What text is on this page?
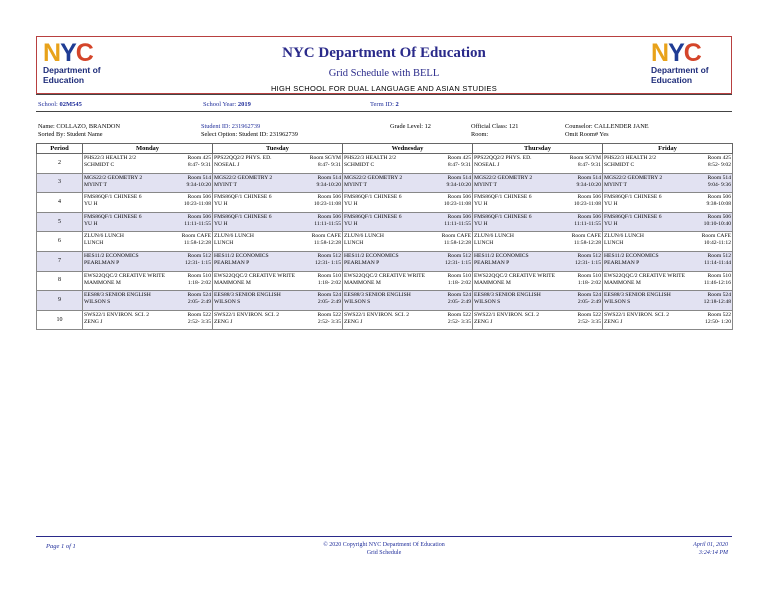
N Y C
Department of
Education
NYC Department Of Education
Grid Schedule with BELL
N Y C
Department of
Education
HIGH SCHOOL FOR DUAL LANGUAGE AND ASIAN STUDIES
School: 02M545	School Year: 2019	Term ID: 2
Name: COLLAZO, BRANDON
Sorted By: Student Name
Student ID: 231962739
Select Option: Student ID: 231962739
Grade Level: 12	Official Class: 121
Room:
Counselor: CALLENDER JANE
Omit Room# Yes
Period	Monday	Tuesday	Wednesday	Thursday	Friday
2	PHS22/3 HEALTH 2/2
SCHMIDT C
Room 425
8:47- 9:31	PPS22QQ2/2 PHYS. ED.
NOSEAL J
Room SGYM
8:47- 9:31	PHS22/3 HEALTH 2/2
SCHMIDT C
Room 425
8:47- 9:31	PPS22QQ2/2 PHYS. ED.
NOSEAL J
Room SGYM
8:47- 9:31	PHS22/3 HEALTH 2/2
SCHMIDT C
Room 425
8:52- 9:02

3	MGS22/2 GEOMETRY 2
MYINT T
Room 514
9:34-10:20	MGS22/2 GEOMETRY 2
MYINT T
Room 514
9:34-10:20	MGS22/2 GEOMETRY 2
MYINT T
Room 514
9:34-10:20	MGS22/2 GEOMETRY 2
MYINT T
Room 514
9:34-10:20	MGS22/2 GEOMETRY 2
MYINT T
Room 514
9:04- 9:36

4	FMS86QF/1 CHINESE 6
YU H
Room 506
10:23-11:08	FMS86QF/1 CHINESE 6
YU H
Room 506
10:23-11:08	FMS86QF/1 CHINESE 6
YU H
Room 506
10:23-11:08	FMS86QF/1 CHINESE 6
YU H
Room 506
10:23-11:08	FMS86QF/1 CHINESE 6
YU H
Room 506
9:38-10:08

5	FMS86QF/1 CHINESE 6
YU H
Room 506
11:11-11:55	FMS86QF/1 CHINESE 6
YU H
Room 506
11:11-11:55	FMS86QF/1 CHINESE 6
YU H
Room 506
11:11-11:55	FMS86QF/1 CHINESE 6
YU H
Room 506
11:11-11:55	FMS86QF/1 CHINESE 6
YU H
Room 506
10:10-10:40

6	ZLUN/6 LUNCH
LUNCH
Room CAFE
11:58-12:28	ZLUN/6 LUNCH
LUNCH
Room CAFE
11:58-12:28	ZLUN/6 LUNCH
LUNCH
Room CAFE
11:58-12:28	ZLUN/6 LUNCH
LUNCH
Room CAFE
11:58-12:28	ZLUN/6 LUNCH
LUNCH
Room CAFE
10:42-11:12

7	HES11/2 ECONOMICS
PEARLMAN P
Room 512
12:31- 1:15	HES11/2 ECONOMICS
PEARLMAN P
Room 512
12:31- 1:15	HES11/2 ECONOMICS
PEARLMAN P
Room 512
12:31- 1:15	HES11/2 ECONOMICS
PEARLMAN P
Room 512
12:31- 1:15	HES11/2 ECONOMICS
PEARLMAN P
Room 512
11:14-11:44

8	EWS22QQC/2 CREATIVE WRITE
MAMMONE M
Room 510
1:18- 2:02	EWS22QQC/2 CREATIVE WRITE
MAMMONE M
Room 510
1:18- 2:02	EWS22QQC/2 CREATIVE WRITE
MAMMONE M
Room 510
1:18- 2:02	EWS22QQC/2 CREATIVE WRITE
MAMMONE M
Room 510
1:18- 2:02	EWS22QQC/2 CREATIVE WRITE
MAMMONE M
Room 510
11:46-12:16

9	EES88/3 SENIOR ENGLISH
WILSON S
Room 524
2:05- 2:49	EES88/3 SENIOR ENGLISH
WILSON S
Room 524
2:05- 2:49	EES88/3 SENIOR ENGLISH
WILSON S
Room 524
2:05- 2:49	EES88/3 SENIOR ENGLISH
WILSON S
Room 524
2:05- 2:49	EES88/3 SENIOR ENGLISH
WILSON S
Room 524
12:18-12:48

10	SWS22/1 ENVIRON. SCI. 2
ZENG J
Room 522
2:52- 3:35	SWS22/1 ENVIRON. SCI. 2
ZENG J
Room 522
2:52- 3:35	SWS22/1 ENVIRON. SCI. 2
ZENG J
Room 522
2:52- 3:35	SWS22/1 ENVIRON. SCI. 2
ZENG J
Room 522
2:52- 3:35	SWS22/1 ENVIRON. SCI. 2
ZENG J
Room 522
12:50- 1:20
Page 1 of 1	© 2020 Copyright NYC Department Of Education
Grid Schedule
April 01, 2020
3:24:14 PM
